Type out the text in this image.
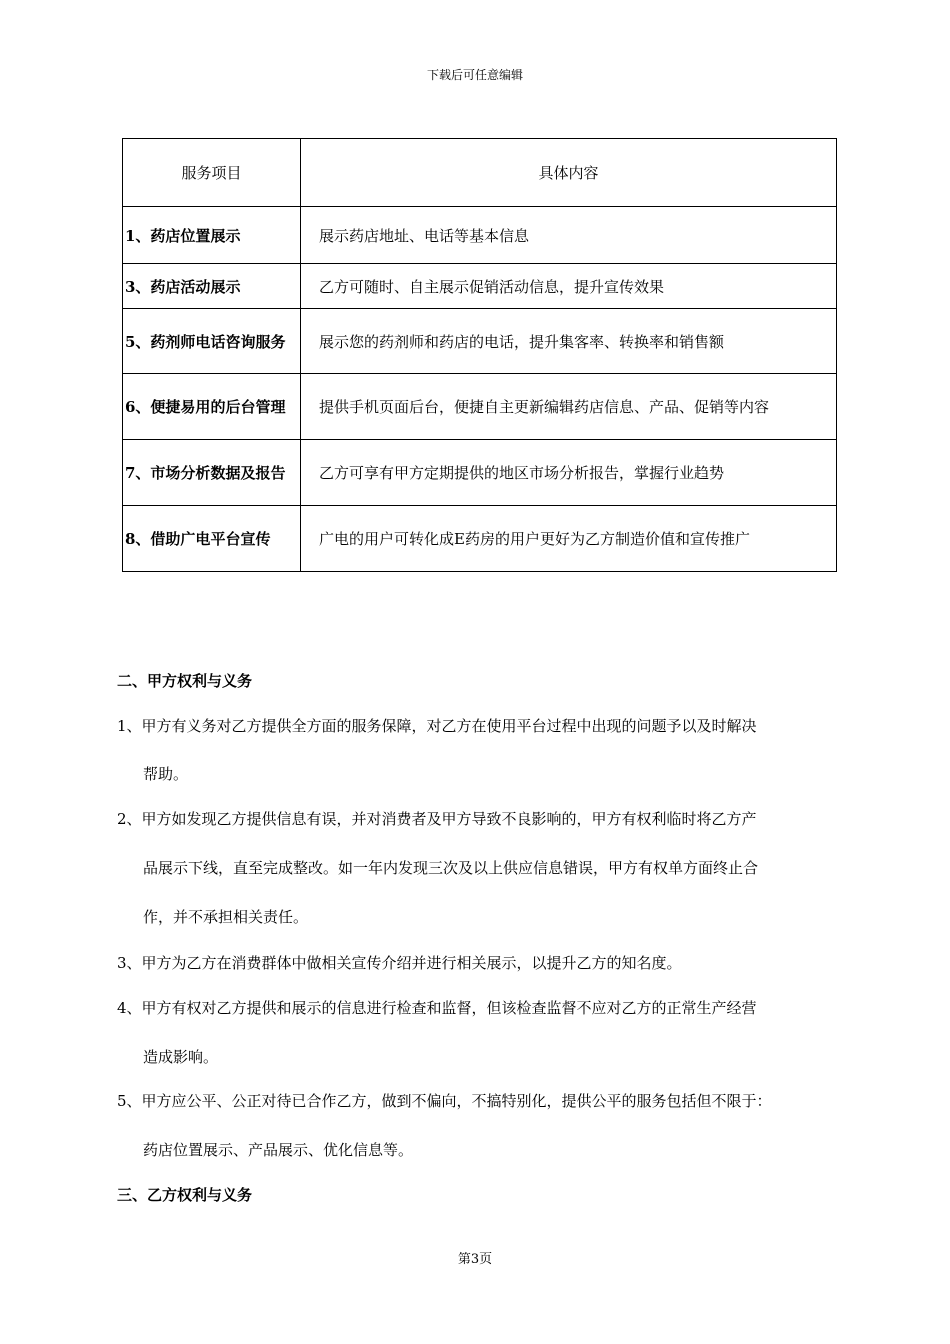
下载后可任意编辑
服务项目	具体内容
1、药店位置展示	展示药店地址、电话等基本信息
3、药店活动展示	乙方可随时、自主展示促销活动信息，提升宣传效果
5、药剂师电话咨询服务	展示您的药剂师和药店的电话，提升集客率、转换率和销售额
6、便捷易用的后台管理	提供手机页面后台，便捷自主更新编辑药店信息、产品、促销等内容
7、市场分析数据及报告	乙方可享有甲方定期提供的地区市场分析报告，掌握行业趋势
8、借助广电平台宣传	广电的用户可转化成E药房的用户更好为乙方制造价值和宣传推广
二、甲方权利与义务
1、甲方有义务对乙方提供全方面的服务保障，对乙方在使用平台过程中出现的问题予以及时解决
帮助。
2、甲方如发现乙方提供信息有误，并对消费者及甲方导致不良影响的，甲方有权利临时将乙方产
品展示下线，直至完成整改。如一年内发现三次及以上供应信息错误，甲方有权单方面终止合
作，并不承担相关责任。
3、甲方为乙方在消费群体中做相关宣传介绍并进行相关展示，以提升乙方的知名度。
4、甲方有权对乙方提供和展示的信息进行检查和监督，但该检查监督不应对乙方的正常生产经营
造成影响。
5、甲方应公平、公正对待已合作乙方，做到不偏向，不搞特别化，提供公平的服务包括但不限于：
药店位置展示、产品展示、优化信息等。
三、乙方权利与义务
第3页
